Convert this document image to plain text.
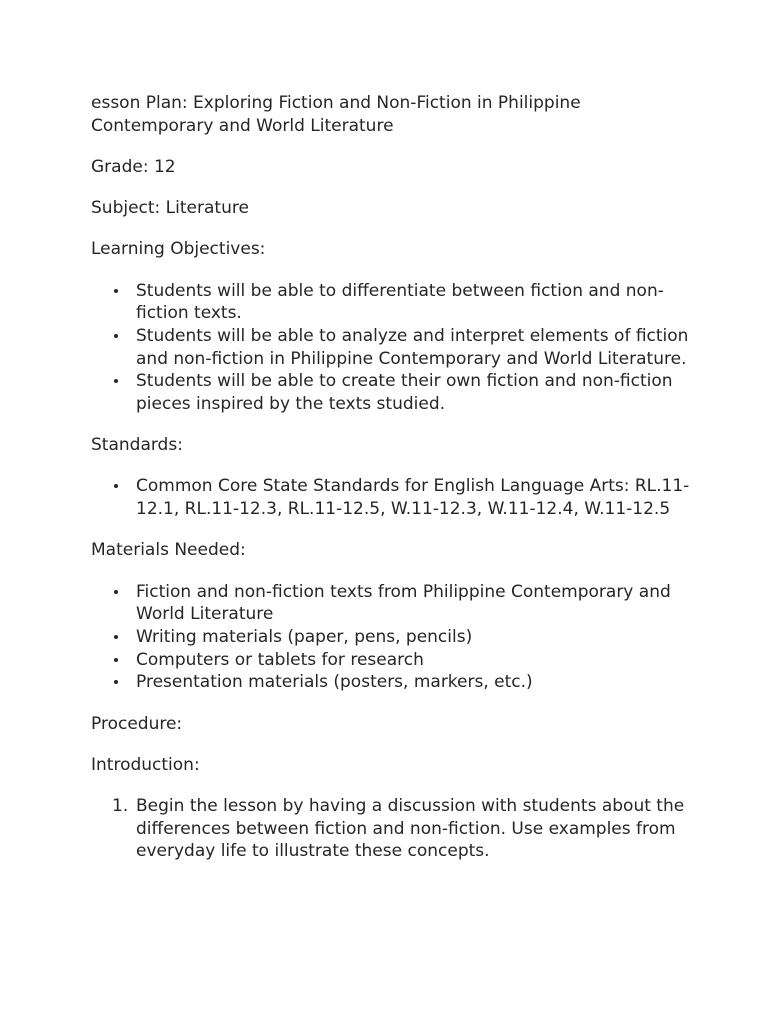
esson Plan: Exploring Fiction and Non-Fiction in Philippine Contemporary and World Literature

Grade: 12

Subject: Literature

Learning Objectives:

Students will be able to differentiate between fiction and non-fiction texts.
Students will be able to analyze and interpret elements of fiction and non-fiction in Philippine Contemporary and World Literature.
Students will be able to create their own fiction and non-fiction pieces inspired by the texts studied.

Standards:

Common Core State Standards for English Language Arts: RL.11-12.1, RL.11-12.3, RL.11-12.5, W.11-12.3, W.11-12.4, W.11-12.5

Materials Needed:

Fiction and non-fiction texts from Philippine Contemporary and World Literature
Writing materials (paper, pens, pencils)
Computers or tablets for research
Presentation materials (posters, markers, etc.)

Procedure:

Introduction:

Begin the lesson by having a discussion with students about the differences between fiction and non-fiction. Use examples from everyday life to illustrate these concepts.
